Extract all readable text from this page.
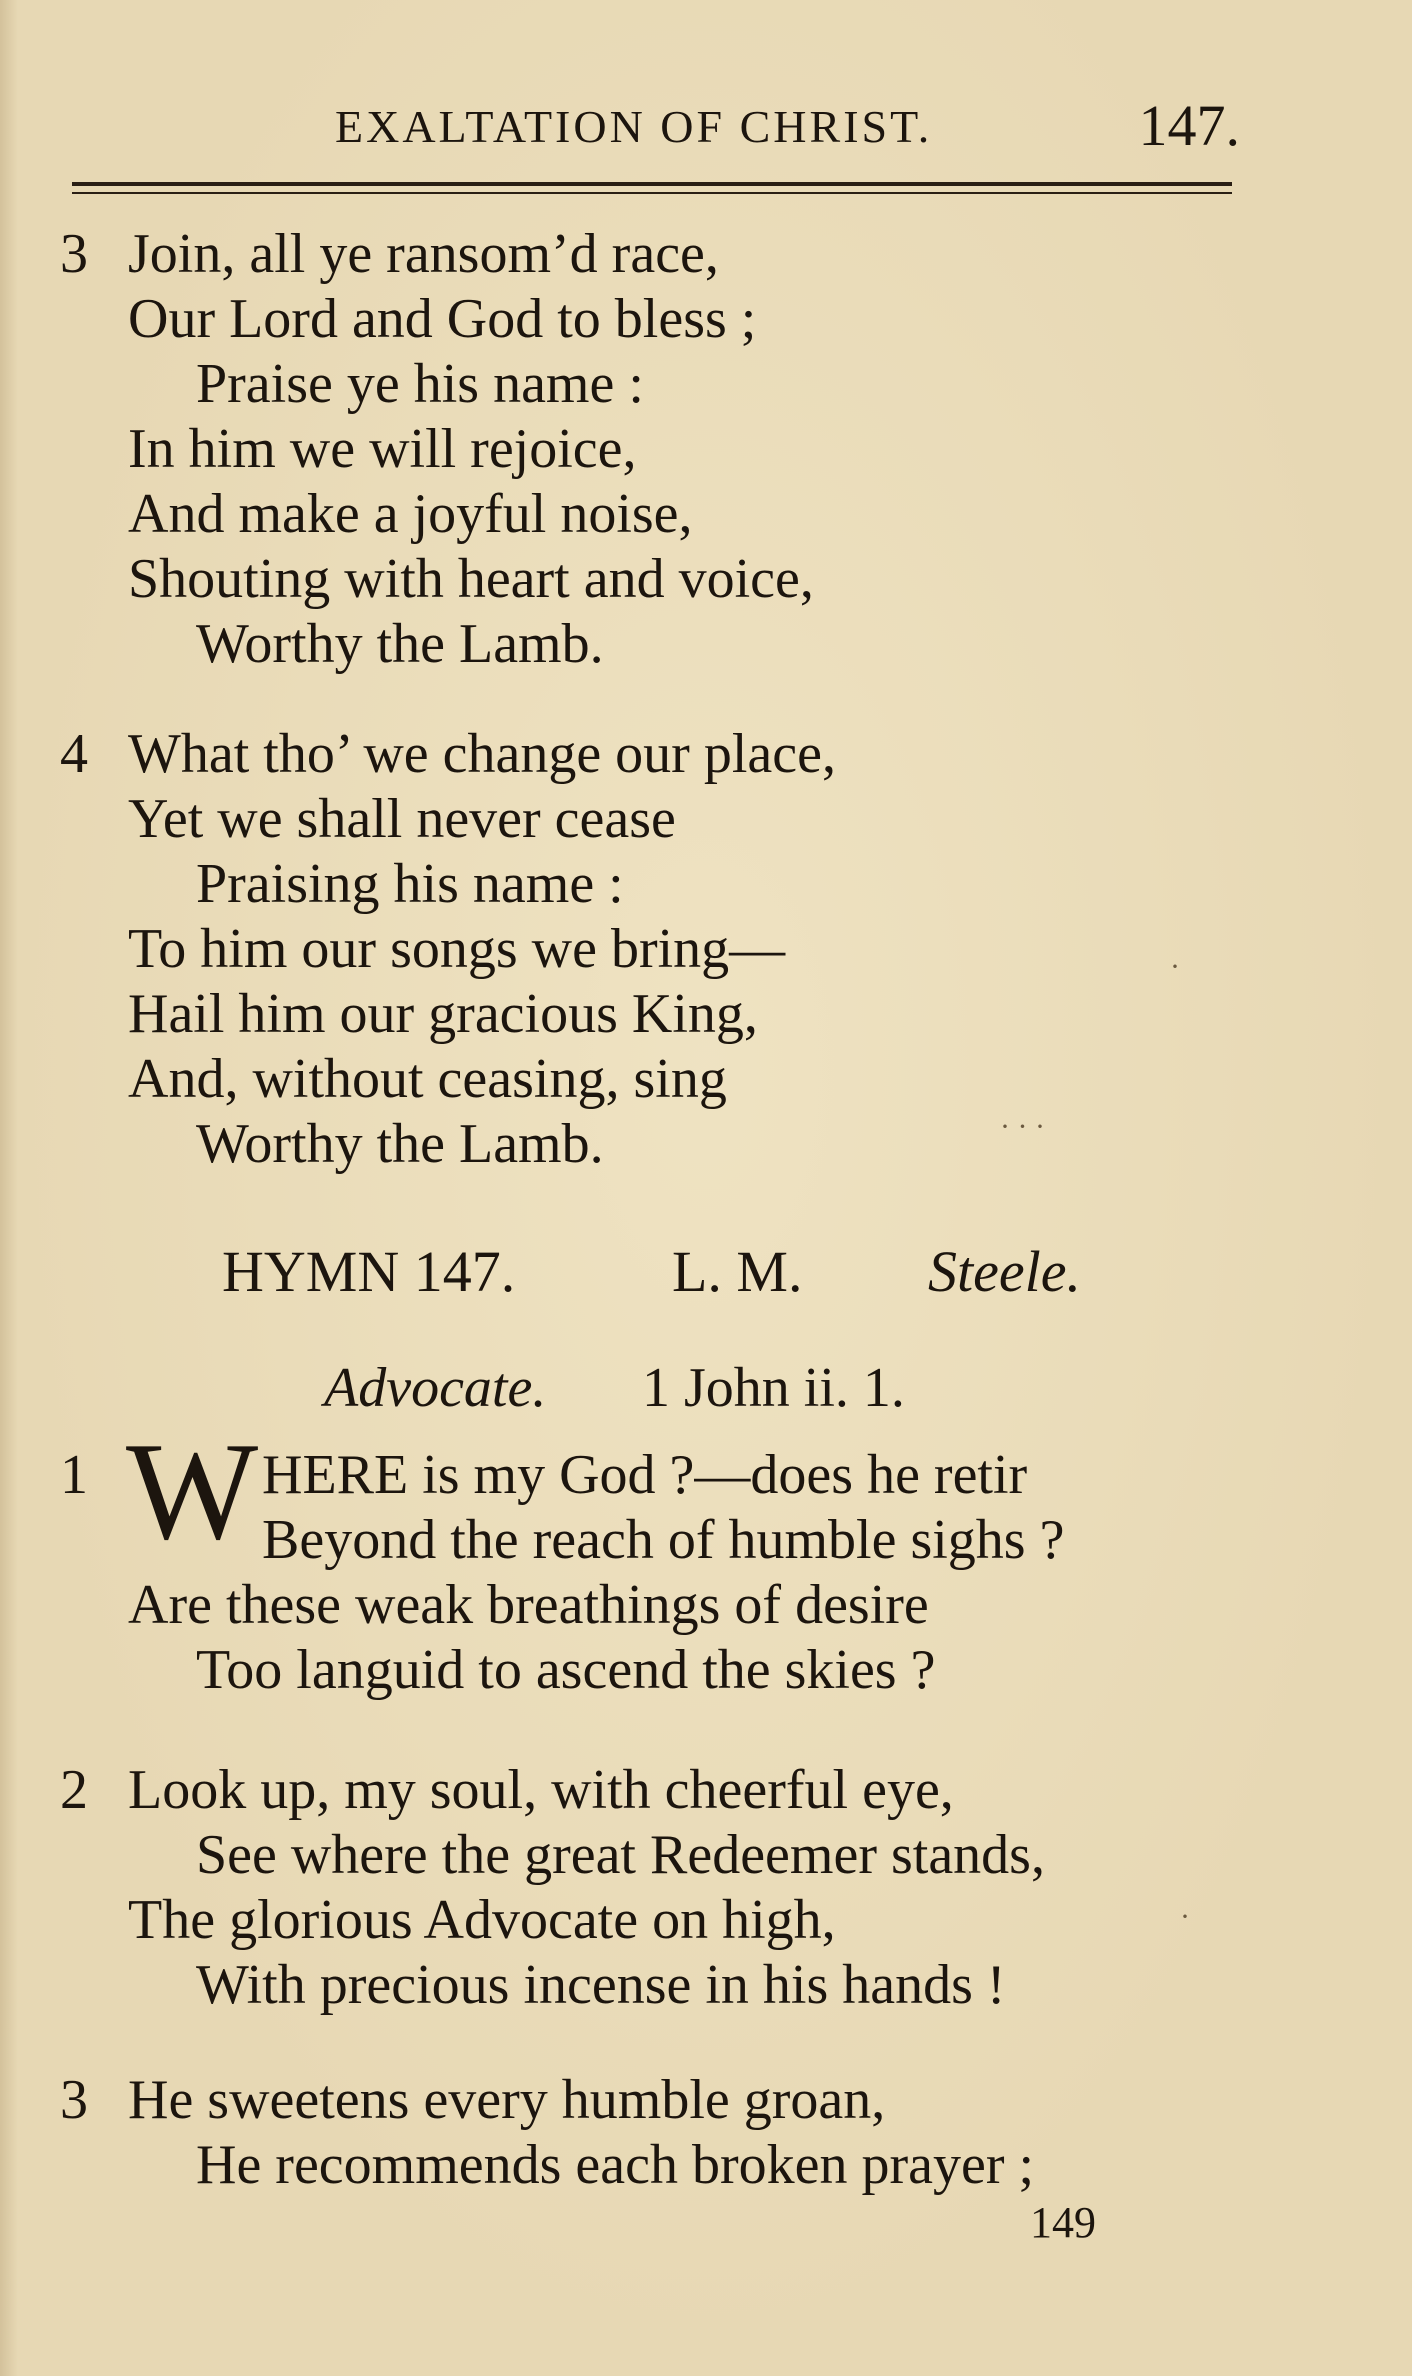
EXALTATION OF CHRIST.	147.
3 Join, all ye ransom’d race,
Our Lord and God to bless ;
Praise ye his name :
In him we will rejoice,
And make a joyful noise,
Shouting with heart and voice,
Worthy the Lamb.
4 What tho’ we change our place,
Yet we shall never cease
Praising his name :
To him our songs we bring—
Hail him our gracious King,
And, without ceasing, sing
Worthy the Lamb.
HYMN 147.	L. M. Steele.
Advocate. 1 John ii. 1.
1 W HERE is my God ?—does he retir
Beyond the reach of humble sighs ?
Are these weak breathings of desire
Too languid to ascend the skies ?
2 Look up, my soul, with cheerful eye,
See where the great Redeemer stands,
The glorious Advocate on high,
With precious incense in his hands !
3 He sweetens every humble groan,
He recommends each broken prayer ;
149
·
· · ·
·
